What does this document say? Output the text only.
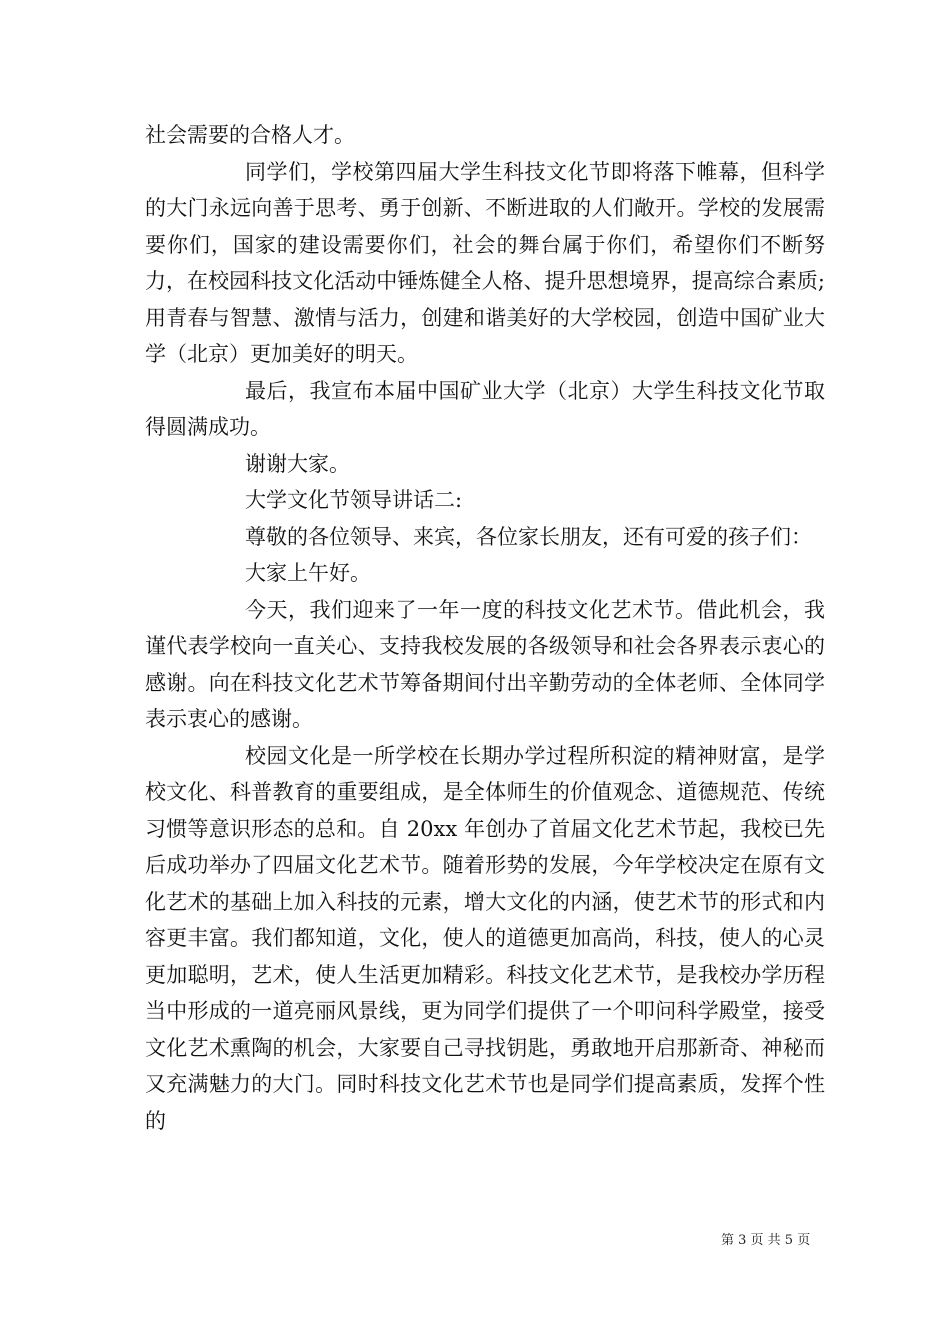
社会需要的合格人才。

同学们，学校第四届大学生科技文化节即将落下帷幕，但科学的大门永远向善于思考、勇于创新、不断进取的人们敞开。学校的发展需要你们，国家的建设需要你们，社会的舞台属于你们，希望你们不断努力，在校园科技文化活动中锤炼健全人格、提升思想境界，提高综合素质;用青春与智慧、激情与活力，创建和谐美好的大学校园，创造中国矿业大学（北京）更加美好的明天。

最后，我宣布本届中国矿业大学（北京）大学生科技文化节取得圆满成功。

谢谢大家。

大学文化节领导讲话二:

尊敬的各位领导、来宾，各位家长朋友，还有可爱的孩子们：

大家上午好。

今天，我们迎来了一年一度的科技文化艺术节。借此机会，我谨代表学校向一直关心、支持我校发展的各级领导和社会各界表示衷心的感谢。向在科技文化艺术节筹备期间付出辛勤劳动的全体老师、全体同学表示衷心的感谢。

校园文化是一所学校在长期办学过程所积淀的精神财富，是学校文化、科普教育的重要组成，是全体师生的价值观念、道德规范、传统习惯等意识形态的总和。自 20xx 年创办了首届文化艺术节起，我校已先后成功举办了四届文化艺术节。随着形势的发展，今年学校决定在原有文化艺术的基础上加入科技的元素，增大文化的内涵，使艺术节的形式和内容更丰富。我们都知道，文化，使人的道德更加高尚，科技，使人的心灵更加聪明，艺术，使人生活更加精彩。科技文化艺术节，是我校办学历程当中形成的一道亮丽风景线，更为同学们提供了一个叩问科学殿堂，接受文化艺术熏陶的机会，大家要自己寻找钥匙，勇敢地开启那新奇、神秘而又充满魅力的大门。同时科技文化艺术节也是同学们提高素质，发挥个性的

第 3 页 共 5 页
